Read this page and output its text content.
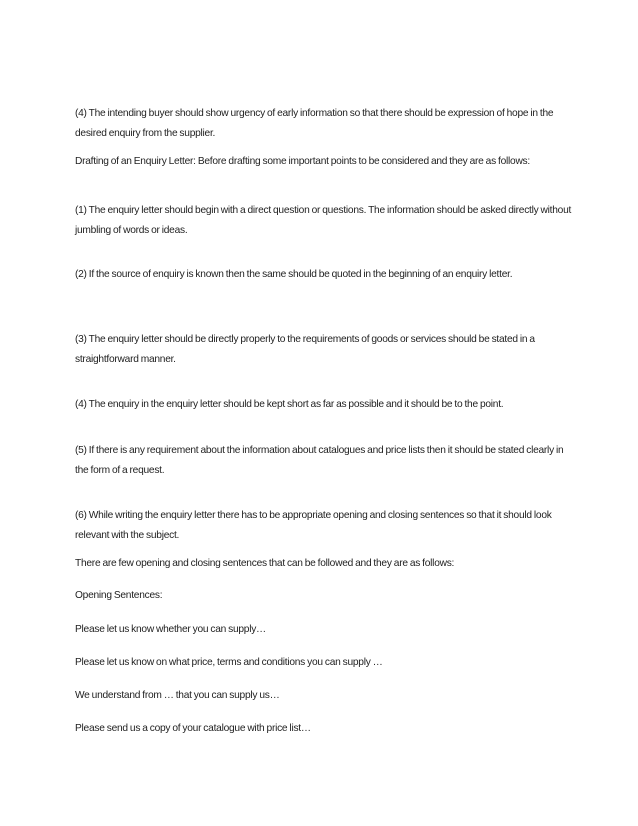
(4) The intending buyer should show urgency of early information so that there should be expression of hope in the desired enquiry from the supplier.

Drafting of an Enquiry Letter: Before drafting some important points to be considered and they are as follows:

(1) The enquiry letter should begin with a direct question or questions. The information should be asked directly without jumbling of words or ideas.

(2) If the source of enquiry is known then the same should be quoted in the beginning of an enquiry letter.

(3) The enquiry letter should be directly properly to the requirements of goods or services should be stated in a straightforward manner.

(4) The enquiry in the enquiry letter should be kept short as far as possible and it should be to the point.

(5) If there is any requirement about the information about catalogues and price lists then it should be stated clearly in the form of a request.

(6) While writing the enquiry letter there has to be appropriate opening and closing sentences so that it should look relevant with the subject.

There are few opening and closing sentences that can be followed and they are as follows:

Opening Sentences:

Please let us know whether you can supply…

Please let us know on what price, terms and conditions you can supply …

We understand from … that you can supply us…

Please send us a copy of your catalogue with price list…
